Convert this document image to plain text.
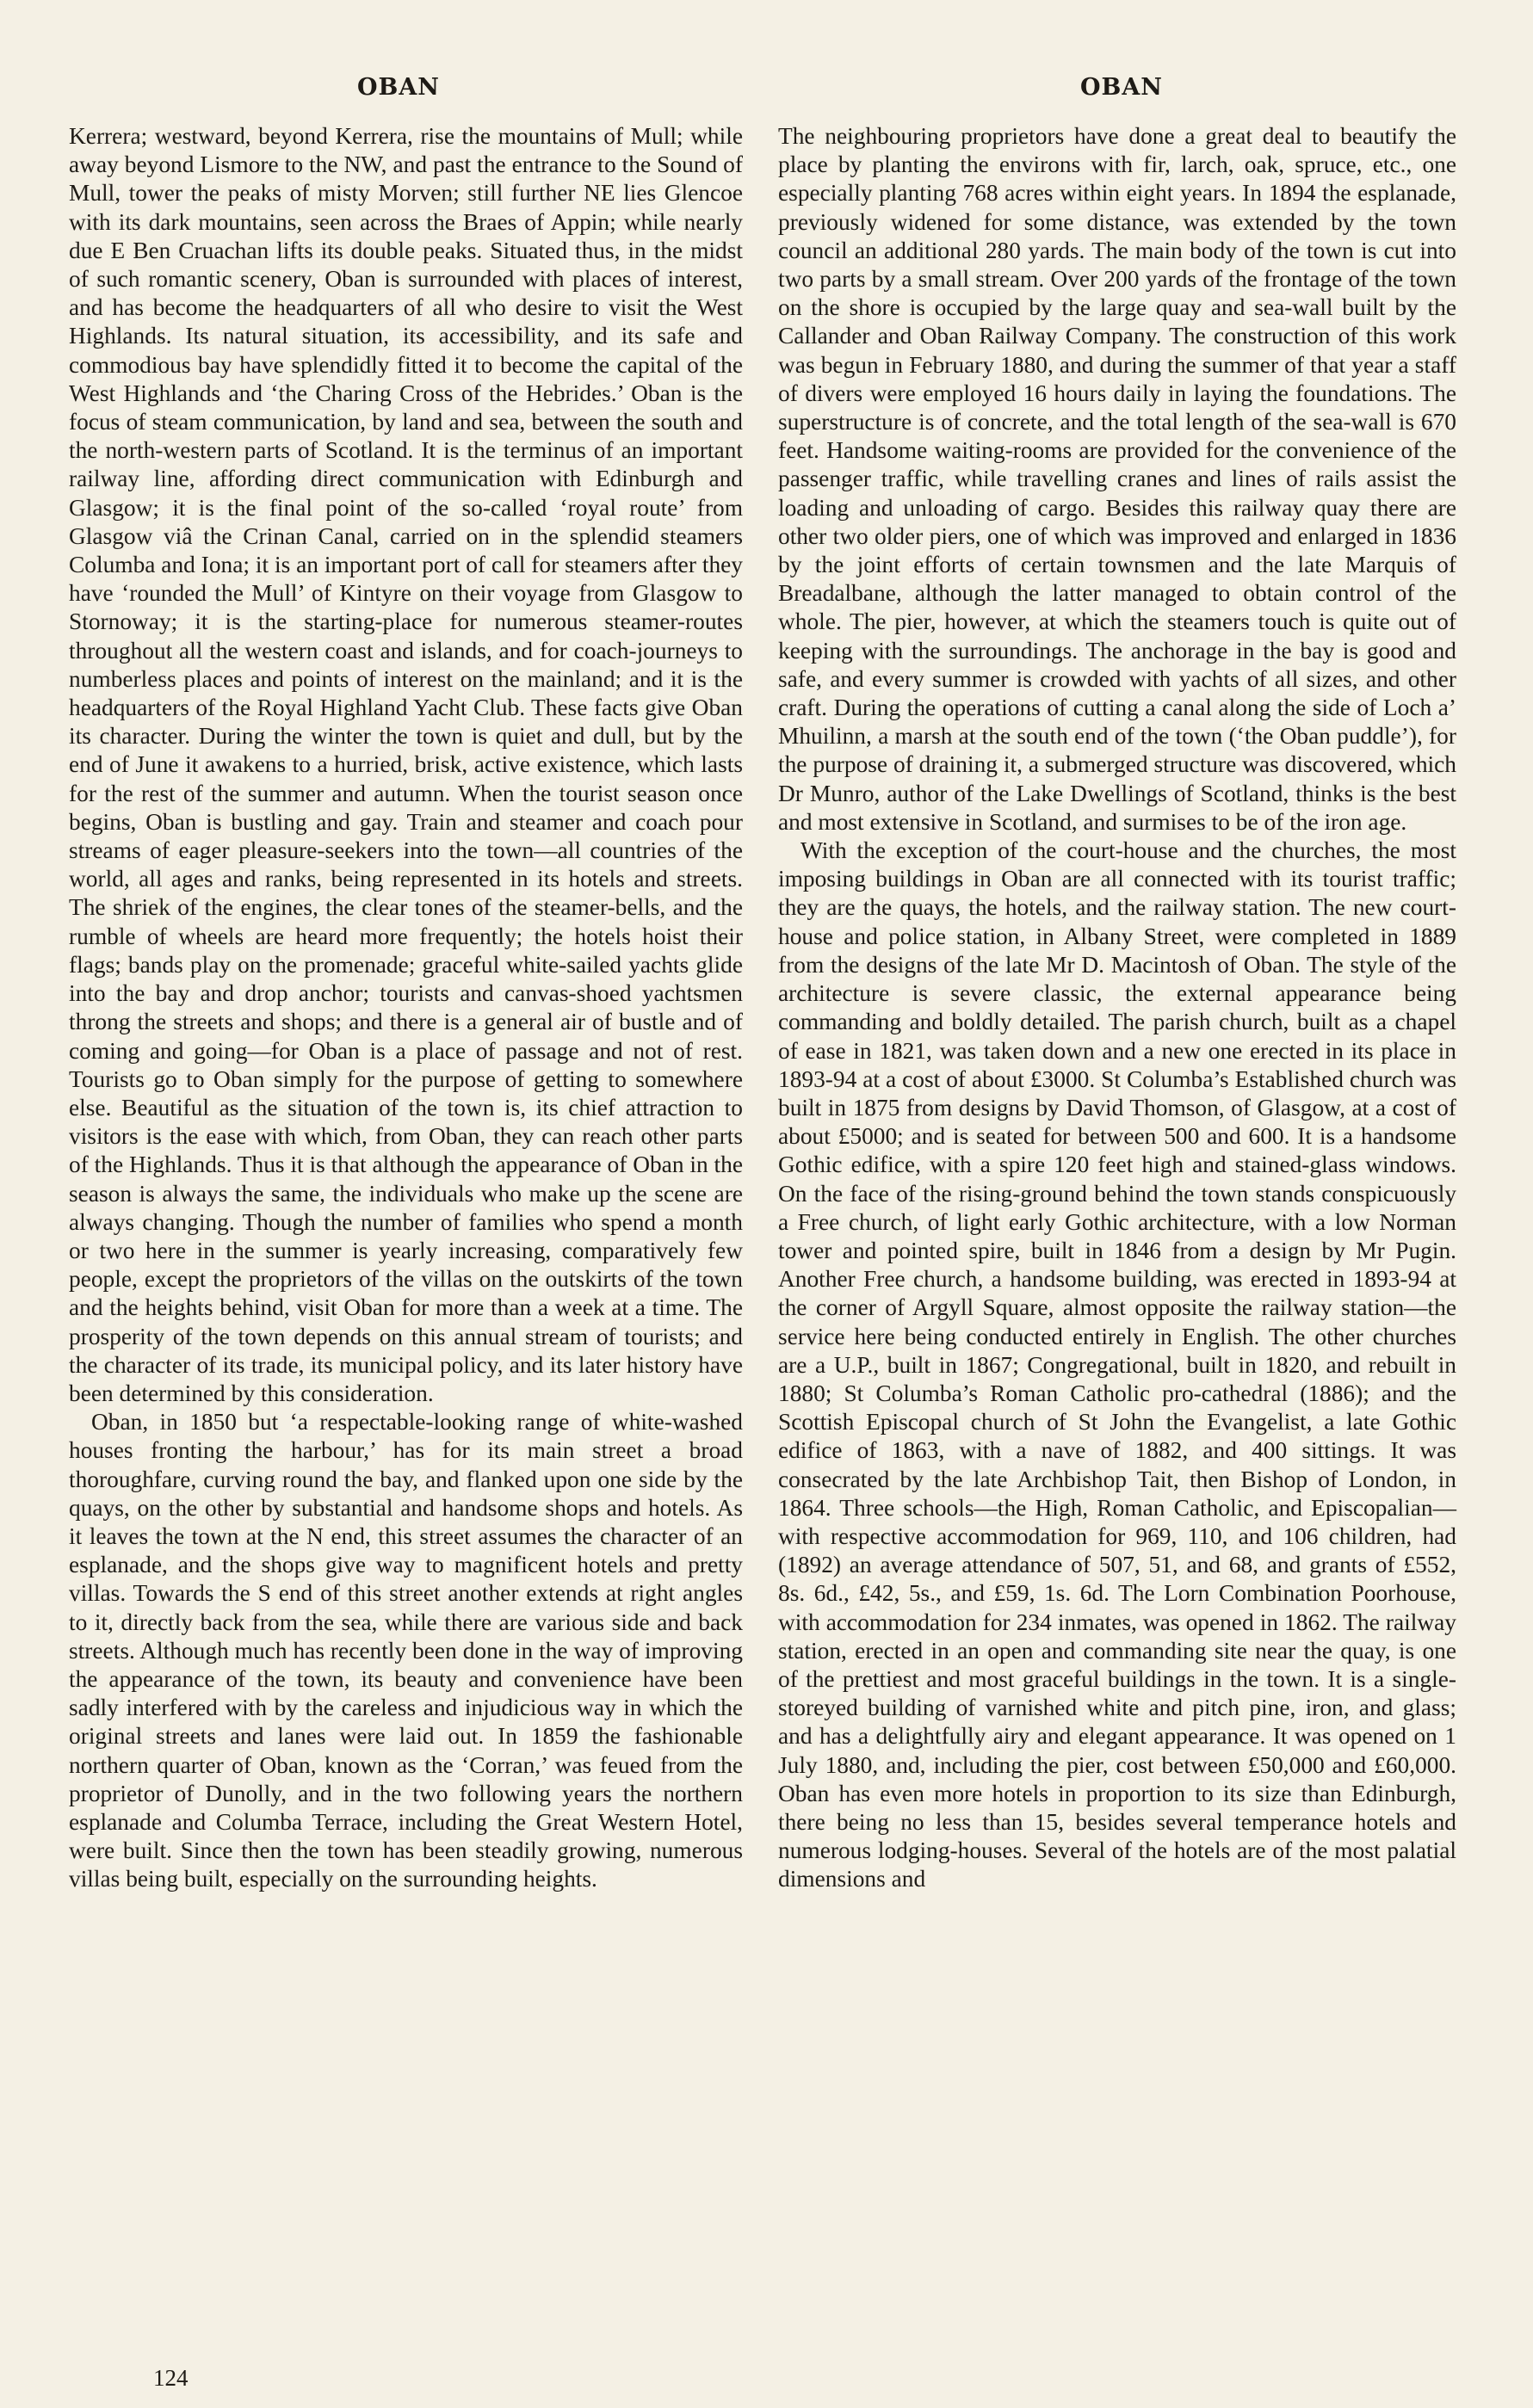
OBAN	OBAN

Kerrera; westward, beyond Kerrera, rise the mountains of Mull; while away beyond Lismore to the NW, and past the entrance to the Sound of Mull, tower the peaks of misty Morven; still further NE lies Glencoe with its dark mountains, seen across the Braes of Appin; while nearly due E Ben Cruachan lifts its double peaks. Situated thus, in the midst of such romantic scenery, Oban is surrounded with places of interest, and has become the headquarters of all who desire to visit the West Highlands. Its natural situation, its accessibility, and its safe and commodious bay have splendidly fitted it to become the capital of the West Highlands and ‘the Charing Cross of the Hebrides.’ Oban is the focus of steam communication, by land and sea, between the south and the north-western parts of Scotland. It is the terminus of an important railway line, affording direct communication with Edinburgh and Glasgow; it is the final point of the so-called ‘royal route’ from Glasgow viâ the Crinan Canal, carried on in the splendid steamers Columba and Iona; it is an important port of call for steamers after they have ‘rounded the Mull’ of Kintyre on their voyage from Glasgow to Stornoway; it is the starting-place for numerous steamer-routes throughout all the western coast and islands, and for coach-journeys to numberless places and points of interest on the mainland; and it is the headquarters of the Royal Highland Yacht Club. These facts give Oban its character. During the winter the town is quiet and dull, but by the end of June it awakens to a hurried, brisk, active existence, which lasts for the rest of the summer and autumn. When the tourist season once begins, Oban is bustling and gay. Train and steamer and coach pour streams of eager pleasure-seekers into the town—all countries of the world, all ages and ranks, being represented in its hotels and streets. The shriek of the engines, the clear tones of the steamer-bells, and the rumble of wheels are heard more frequently; the hotels hoist their flags; bands play on the promenade; graceful white-sailed yachts glide into the bay and drop anchor; tourists and canvas-shoed yachtsmen throng the streets and shops; and there is a general air of bustle and of coming and going—for Oban is a place of passage and not of rest. Tourists go to Oban simply for the purpose of getting to somewhere else. Beautiful as the situation of the town is, its chief attraction to visitors is the ease with which, from Oban, they can reach other parts of the Highlands. Thus it is that although the appearance of Oban in the season is always the same, the individuals who make up the scene are always changing. Though the number of families who spend a month or two here in the summer is yearly increasing, comparatively few people, except the proprietors of the villas on the outskirts of the town and the heights behind, visit Oban for more than a week at a time. The prosperity of the town depends on this annual stream of tourists; and the character of its trade, its municipal policy, and its later history have been determined by this consideration.

Oban, in 1850 but ‘a respectable-looking range of white-washed houses fronting the harbour,’ has for its main street a broad thoroughfare, curving round the bay, and flanked upon one side by the quays, on the other by substantial and handsome shops and hotels. As it leaves the town at the N end, this street assumes the character of an esplanade, and the shops give way to magnificent hotels and pretty villas. Towards the S end of this street another extends at right angles to it, directly back from the sea, while there are various side and back streets. Although much has recently been done in the way of improving the appearance of the town, its beauty and convenience have been sadly interfered with by the careless and injudicious way in which the original streets and lanes were laid out. In 1859 the fashionable northern quarter of Oban, known as the ‘Corran,’ was feued from the proprietor of Dunolly, and in the two following years the northern esplanade and Columba Terrace, including the Great Western Hotel, were built. Since then the town has been steadily growing, numerous villas being built, especially on the surrounding heights.

The neighbouring proprietors have done a great deal to beautify the place by planting the environs with fir, larch, oak, spruce, etc., one especially planting 768 acres within eight years. In 1894 the esplanade, previously widened for some distance, was extended by the town council an additional 280 yards. The main body of the town is cut into two parts by a small stream. Over 200 yards of the frontage of the town on the shore is occupied by the large quay and sea-wall built by the Callander and Oban Railway Company. The construction of this work was begun in February 1880, and during the summer of that year a staff of divers were employed 16 hours daily in laying the foundations. The superstructure is of concrete, and the total length of the sea-wall is 670 feet. Handsome waiting-rooms are provided for the convenience of the passenger traffic, while travelling cranes and lines of rails assist the loading and unloading of cargo. Besides this railway quay there are other two older piers, one of which was improved and enlarged in 1836 by the joint efforts of certain townsmen and the late Marquis of Breadalbane, although the latter managed to obtain control of the whole. The pier, however, at which the steamers touch is quite out of keeping with the surroundings. The anchorage in the bay is good and safe, and every summer is crowded with yachts of all sizes, and other craft. During the operations of cutting a canal along the side of Loch a’ Mhuilinn, a marsh at the south end of the town (‘the Oban puddle’), for the purpose of draining it, a submerged structure was discovered, which Dr Munro, author of the Lake Dwellings of Scotland, thinks is the best and most extensive in Scotland, and surmises to be of the iron age.

With the exception of the court-house and the churches, the most imposing buildings in Oban are all connected with its tourist traffic; they are the quays, the hotels, and the railway station. The new court-house and police station, in Albany Street, were completed in 1889 from the designs of the late Mr D. Macintosh of Oban. The style of the architecture is severe classic, the external appearance being commanding and boldly detailed. The parish church, built as a chapel of ease in 1821, was taken down and a new one erected in its place in 1893-94 at a cost of about £3000. St Columba’s Established church was built in 1875 from designs by David Thomson, of Glasgow, at a cost of about £5000; and is seated for between 500 and 600. It is a handsome Gothic edifice, with a spire 120 feet high and stained-glass windows. On the face of the rising-ground behind the town stands conspicuously a Free church, of light early Gothic architecture, with a low Norman tower and pointed spire, built in 1846 from a design by Mr Pugin. Another Free church, a handsome building, was erected in 1893-94 at the corner of Argyll Square, almost opposite the railway station—the service here being conducted entirely in English. The other churches are a U.P., built in 1867; Congregational, built in 1820, and rebuilt in 1880; St Columba’s Roman Catholic pro-cathedral (1886); and the Scottish Episcopal church of St John the Evangelist, a late Gothic edifice of 1863, with a nave of 1882, and 400 sittings. It was consecrated by the late Archbishop Tait, then Bishop of London, in 1864. Three schools—the High, Roman Catholic, and Episcopalian—with respective accommodation for 969, 110, and 106 children, had (1892) an average attendance of 507, 51, and 68, and grants of £552, 8s. 6d., £42, 5s., and £59, 1s. 6d. The Lorn Combination Poorhouse, with accommodation for 234 inmates, was opened in 1862. The railway station, erected in an open and commanding site near the quay, is one of the prettiest and most graceful buildings in the town. It is a single-storeyed building of varnished white and pitch pine, iron, and glass; and has a delightfully airy and elegant appearance. It was opened on 1 July 1880, and, including the pier, cost between £50,000 and £60,000. Oban has even more hotels in proportion to its size than Edinburgh, there being no less than 15, besides several temperance hotels and numerous lodging-houses. Several of the hotels are of the most palatial dimensions and

124
